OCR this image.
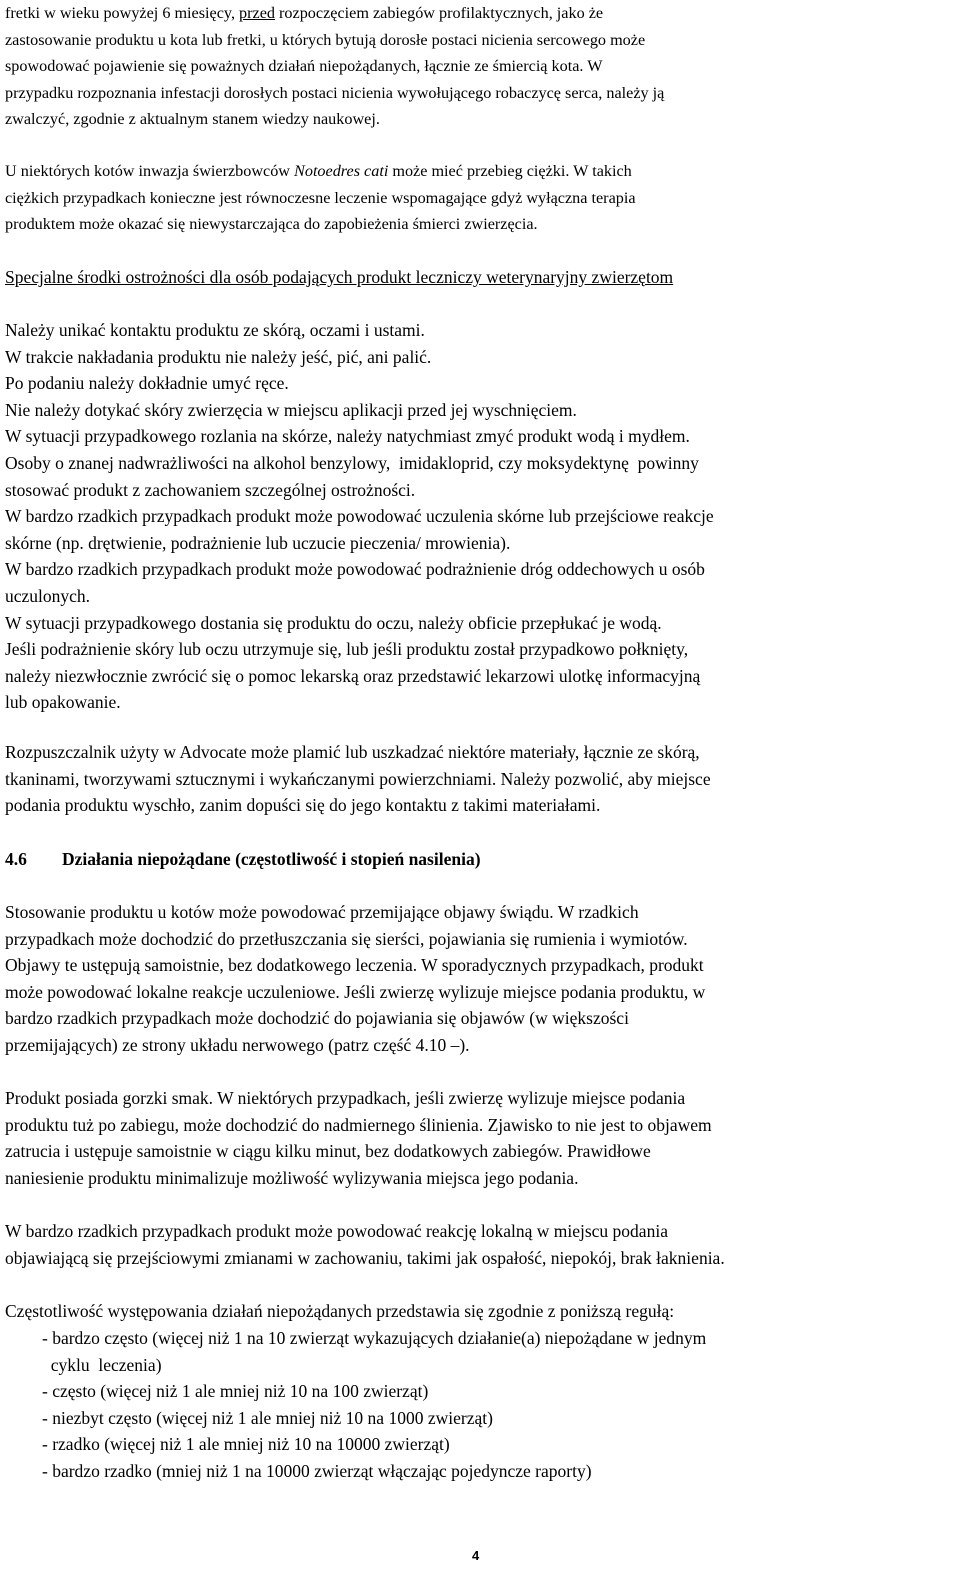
fretki w wieku powyżej 6 miesięcy, przed rozpoczęciem zabiegów profilaktycznych, jako że
zastosowanie produktu u kota lub fretki, u których bytują dorosłe postaci nicienia sercowego może
spowodować pojawienie się poważnych działań niepożądanych, łącznie ze śmiercią kota. W
przypadku rozpoznania infestacji dorosłych postaci nicienia wywołującego robaczycę serca, należy ją
zwalczyć, zgodnie z aktualnym stanem wiedzy naukowej.
U niektórych kotów inwazja świerzbowców Notoedres cati może mieć przebieg ciężki. W takich
ciężkich przypadkach konieczne jest równoczesne leczenie wspomagające gdyż wyłączna terapia
produktem może okazać się niewystarczająca do zapobieżenia śmierci zwierzęcia.
Specjalne środki ostrożności dla osób podających produkt leczniczy weterynaryjny zwierzętom
Należy unikać kontaktu produktu ze skórą, oczami i ustami.
W trakcie nakładania produktu nie należy jeść, pić, ani palić.
Po podaniu należy dokładnie umyć ręce.
Nie należy dotykać skóry zwierzęcia w miejscu aplikacji przed jej wyschnięciem.
W sytuacji przypadkowego rozlania na skórze, należy natychmiast zmyć produkt wodą i mydłem.
Osoby o znanej nadwrażliwości na alkohol benzylowy,  imidakloprid, czy moksydektynę  powinny
stosować produkt z zachowaniem szczególnej ostrożności.
W bardzo rzadkich przypadkach produkt może powodować uczulenia skórne lub przejściowe reakcje
skórne (np. drętwienie, podrażnienie lub uczucie pieczenia/ mrowienia).
W bardzo rzadkich przypadkach produkt może powodować podrażnienie dróg oddechowych u osób
uczulonych.
W sytuacji przypadkowego dostania się produktu do oczu, należy obficie przepłukać je wodą.
Jeśli podrażnienie skóry lub oczu utrzymuje się, lub jeśli produktu został przypadkowo połknięty,
należy niezwłocznie zwrócić się o pomoc lekarską oraz przedstawić lekarzowi ulotkę informacyjną
lub opakowanie.
Rozpuszczalnik użyty w Advocate może plamić lub uszkadzać niektóre materiały, łącznie ze skórą,
tkaninami, tworzywami sztucznymi i wykańczanymi powierzchniami. Należy pozwolić, aby miejsce
podania produktu wyschło, zanim dopuści się do jego kontaktu z takimi materiałami.
4.6 Działania niepożądane (częstotliwość i stopień nasilenia)
Stosowanie produktu u kotów może powodować przemijające objawy świądu. W rzadkich
przypadkach może dochodzić do przetłuszczania się sierści, pojawiania się rumienia i wymiotów.
Objawy te ustępują samoistnie, bez dodatkowego leczenia. W sporadycznych przypadkach, produkt
może powodować lokalne reakcje uczuleniowe. Jeśli zwierzę wylizuje miejsce podania produktu, w
bardzo rzadkich przypadkach może dochodzić do pojawiania się objawów (w większości
przemijających) ze strony układu nerwowego (patrz część 4.10 –).
Produkt posiada gorzki smak. W niektórych przypadkach, jeśli zwierzę wylizuje miejsce podania
produktu tuż po zabiegu, może dochodzić do nadmiernego ślinienia. Zjawisko to nie jest to objawem
zatrucia i ustępuje samoistnie w ciągu kilku minut, bez dodatkowych zabiegów. Prawidłowe
naniesienie produktu minimalizuje możliwość wylizywania miejsca jego podania.
W bardzo rzadkich przypadkach produkt może powodować reakcję lokalną w miejscu podania
objawiającą się przejściowymi zmianami w zachowaniu, takimi jak ospałość, niepokój, brak łaknienia.
Częstotliwość występowania działań niepożądanych przedstawia się zgodnie z poniższą regułą:
- bardzo często (więcej niż 1 na 10 zwierząt wykazujących działanie(a) niepożądane w jednym
cyklu  leczenia)
- często (więcej niż 1 ale mniej niż 10 na 100 zwierząt)
- niezbyt często (więcej niż 1 ale mniej niż 10 na 1000 zwierząt)
- rzadko (więcej niż 1 ale mniej niż 10 na 10000 zwierząt)
- bardzo rzadko (mniej niż 1 na 10000 zwierząt włączając pojedyncze raporty)
4
